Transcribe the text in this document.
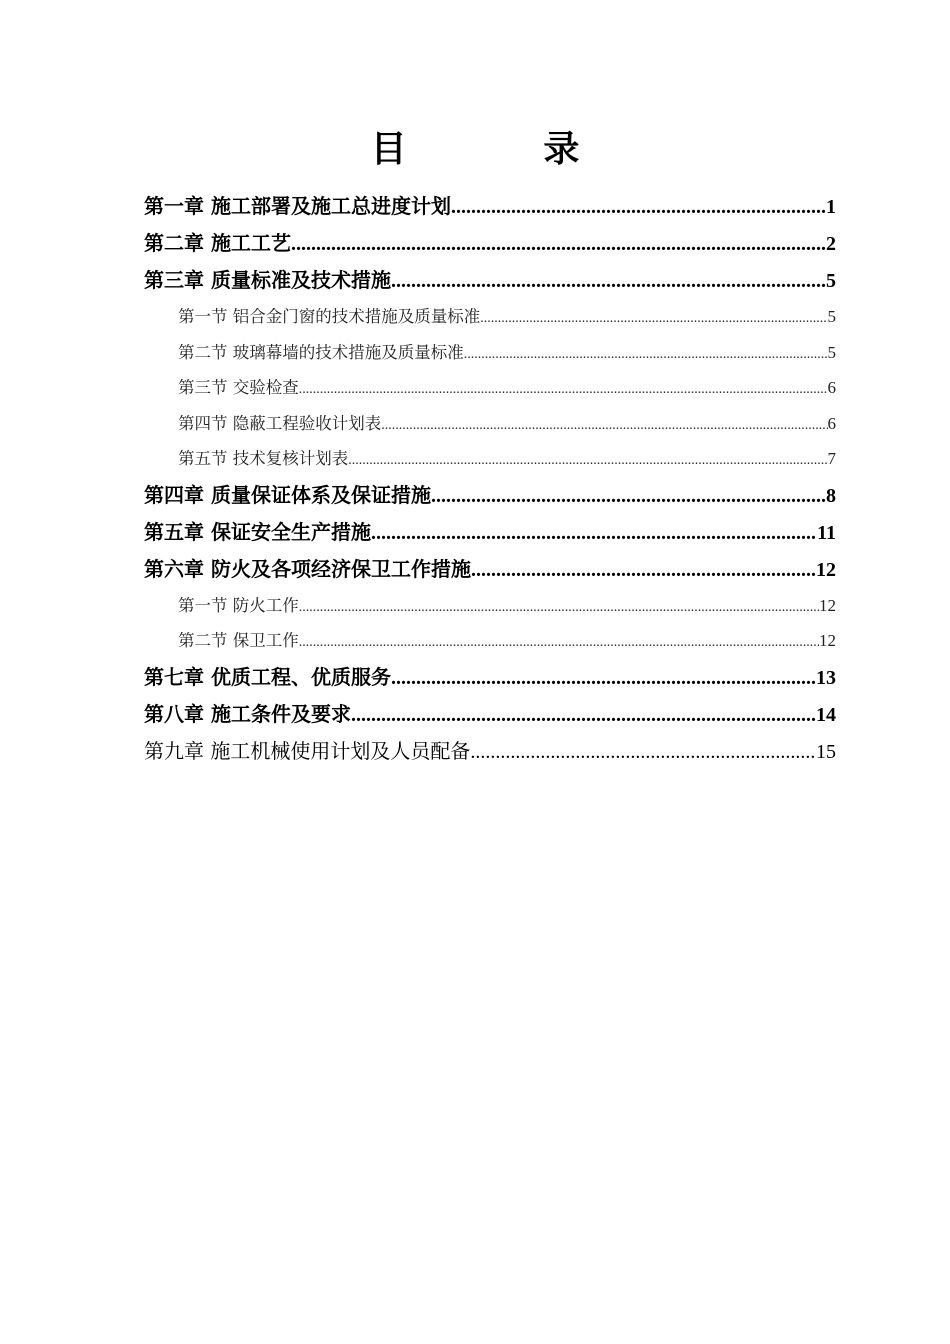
目　录
第一章 施工部署及施工总进度计划 .....	1
第二章 施工工艺 .....	2
第三章 质量标准及技术措施 .....	5
第一节 铝合金门窗的技术措施及质量标准 .....	5
第二节 玻璃幕墙的技术措施及质量标准 .....	5
第三节 交验检查 .....	6
第四节 隐蔽工程验收计划表 .....	6
第五节 技术复核计划表 .....	7
第四章 质量保证体系及保证措施 .....	8
第五章 保证安全生产措施 .....	11
第六章 防火及各项经济保卫工作措施 .....	12
第一节 防火工作 .....	12
第二节 保卫工作 .....	12
第七章 优质工程、优质服务 .....	13
第八章 施工条件及要求 .....	14
第九章 施工机械使用计划及人员配备 .....	15
